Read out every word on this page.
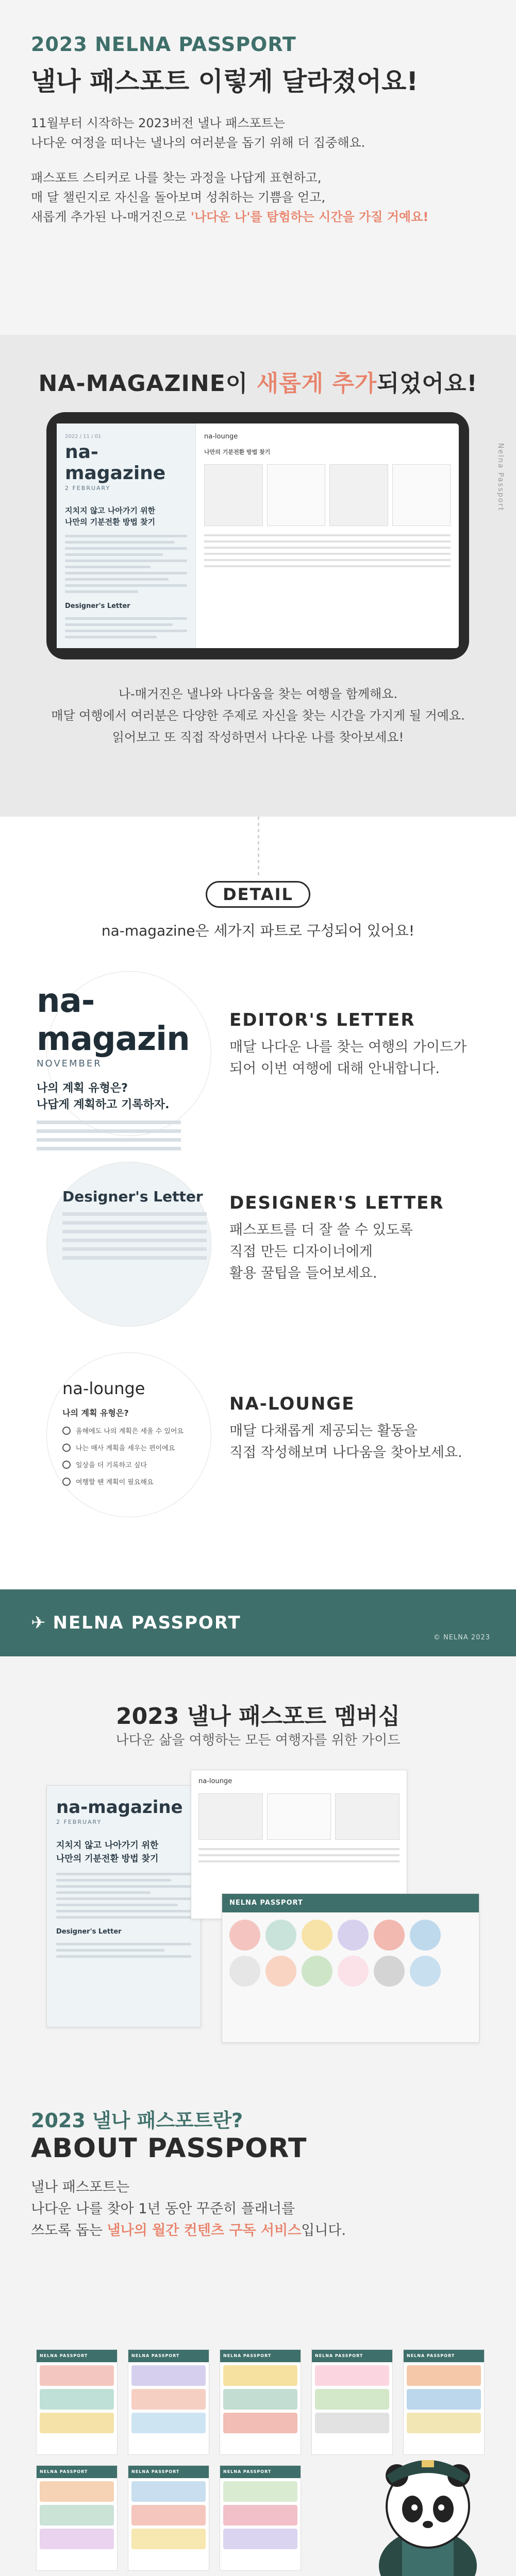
2023 NELNA PASSPORT
낼나 패스포트 이렇게 달라졌어요!
11월부터 시작하는 2023버전 낼나 패스포트는
나다운 여정을 떠나는 낼나의 여러분을 돕기 위해 더 집중해요.
패스포트 스티커로 나를 찾는 과정을 나답게 표현하고,
매 달 챌린지로 자신을 돌아보며 성취하는 기쁨을 얻고,
새롭게 추가된 나-매거진으로 '나다운 나'를 탐험하는 시간을 가질 거예요!
NA-MAGAZINE이 새롭게 추가되었어요!
2022 / 11 / 01
na-magazine
2 FEBRUARY
지치지 않고 나아가기 위한
나만의 기분전환 방법 찾기
Designer's Letter
na-lounge
나만의 기분전환 방법 찾기	Nelna Passport
나-매거진은 낼나와 나다움을 찾는 여행을 함께해요.
매달 여행에서 여러분은 다양한 주제로 자신을 찾는 시간을 가지게 될 거예요.
읽어보고 또 직접 작성하면서 나다운 나를 찾아보세요!
DETAIL
na-magazine은 세가지 파트로 구성되어 있어요!
na-magazin
NOVEMBER
나의 계획 유형은?
나답게 계획하고 기록하자.
EDITOR'S LETTER

매달 나다운 나를 찾는 여행의 가이드가
되어 이번 여행에 대해 안내합니다.

Designer's Letter	DESIGNER'S LETTER

패스포트를 더 잘 쓸 수 있도록
직접 만든 디자이너에게
활용 꿀팁을 들어보세요.

na-lounge
나의 계획 유형은?
올해에도 나의 계획은 세울 수 있어요
나는 매사 계획을 세우는 편이에요
일상을 더 기록하고 싶다
여행할 땐 계획이 필요해요
NA-LOUNGE

매달 다채롭게 제공되는 활동을
직접 작성해보며 나다움을 찾아보세요.

✈ NELNA PASSPORT
© NELNA 2023
2023 낼나 패스포트 멤버십
나다운 삶을 여행하는 모든 여행자를 위한 가이드
na-magazine
2 FEBRUARY
지치지 않고 나아가기 위한
나만의 기분전환 방법 찾기
Designer's Letter
na-lounge
NELNA PASSPORT
2023 낼나 패스포트란?
ABOUT PASSPORT
낼나 패스포트는
나다운 나를 찾아 1년 동안 꾸준히 플래너를
쓰도록 돕는 낼나의 월간 컨텐츠 구독 서비스입니다.
NELNA PASSPORT	NELNA PASSPORT	NELNA PASSPORT	NELNA PASSPORT	NELNA PASSPORT
NELNA PASSPORT	NELNA PASSPORT	NELNA PASSPORT
